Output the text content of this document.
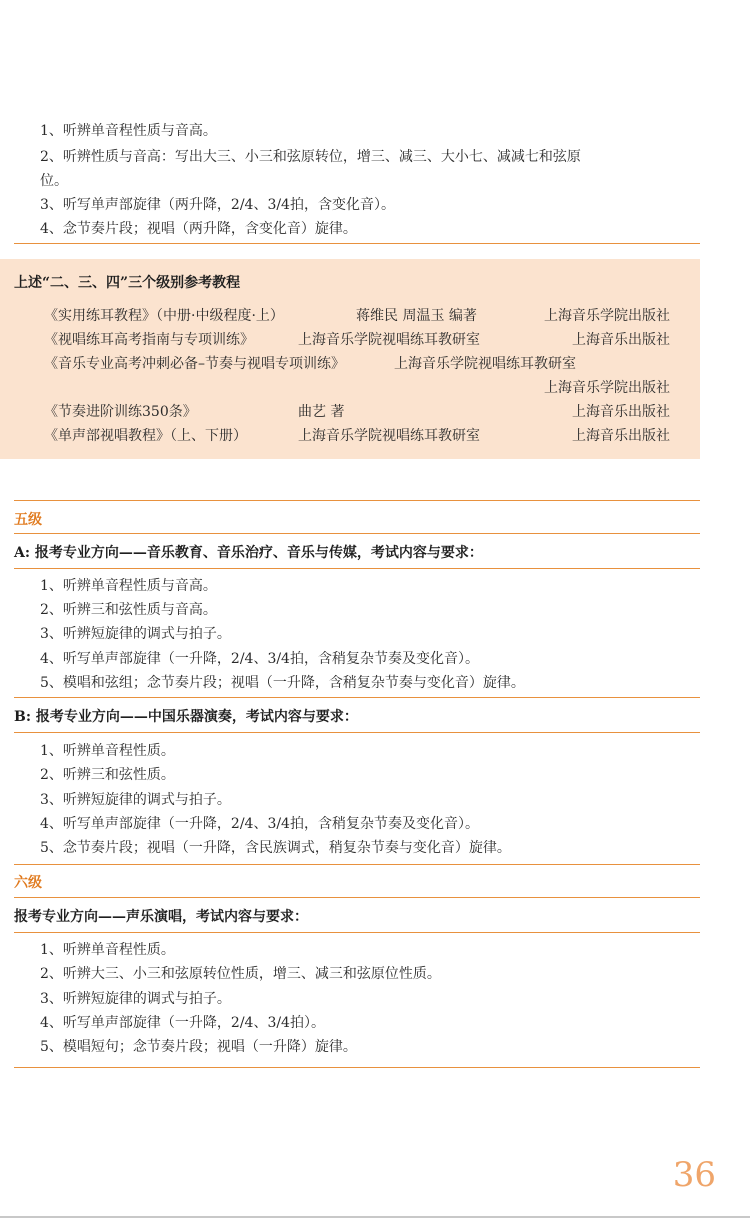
1、听辨单音程性质与音高。
2、听辨性质与音高：写出大三、小三和弦原转位，增三、减三、大小七、减减七和弦原
位。
3、听写单声部旋律（两升降，2/4、3/4拍，含变化音）。
4、念节奏片段；视唱（两升降，含变化音）旋律。
上述“二、三、四”三个级别参考教程
《实用练耳教程》（中册·中级程度·上）	蒋维民 周温玉 编著	上海音乐学院出版社
《视唱练耳高考指南与专项训练》	上海音乐学院视唱练耳教研室	上海音乐出版社
《音乐专业高考冲刺必备–节奏与视唱专项训练》	上海音乐学院视唱练耳教研室
上海音乐学院出版社
《节奏进阶训练350条》	曲艺 著	上海音乐出版社
《单声部视唱教程》（上、下册）	上海音乐学院视唱练耳教研室	上海音乐出版社
五级
A: 报考专业方向——音乐教育、音乐治疗、音乐与传媒，考试内容与要求：
1、听辨单音程性质与音高。
2、听辨三和弦性质与音高。
3、听辨短旋律的调式与拍子。
4、听写单声部旋律（一升降，2/4、3/4拍，含稍复杂节奏及变化音）。
5、模唱和弦组；念节奏片段；视唱（一升降，含稍复杂节奏与变化音）旋律。
B: 报考专业方向——中国乐器演奏，考试内容与要求：
1、听辨单音程性质。
2、听辨三和弦性质。
3、听辨短旋律的调式与拍子。
4、听写单声部旋律（一升降，2/4、3/4拍，含稍复杂节奏及变化音）。
5、念节奏片段；视唱（一升降，含民族调式，稍复杂节奏与变化音）旋律。
六级
报考专业方向——声乐演唱，考试内容与要求：
1、听辨单音程性质。
2、听辨大三、小三和弦原转位性质，增三、减三和弦原位性质。
3、听辨短旋律的调式与拍子。
4、听写单声部旋律（一升降，2/4、3/4拍）。
5、模唱短句；念节奏片段；视唱（一升降）旋律。
36
